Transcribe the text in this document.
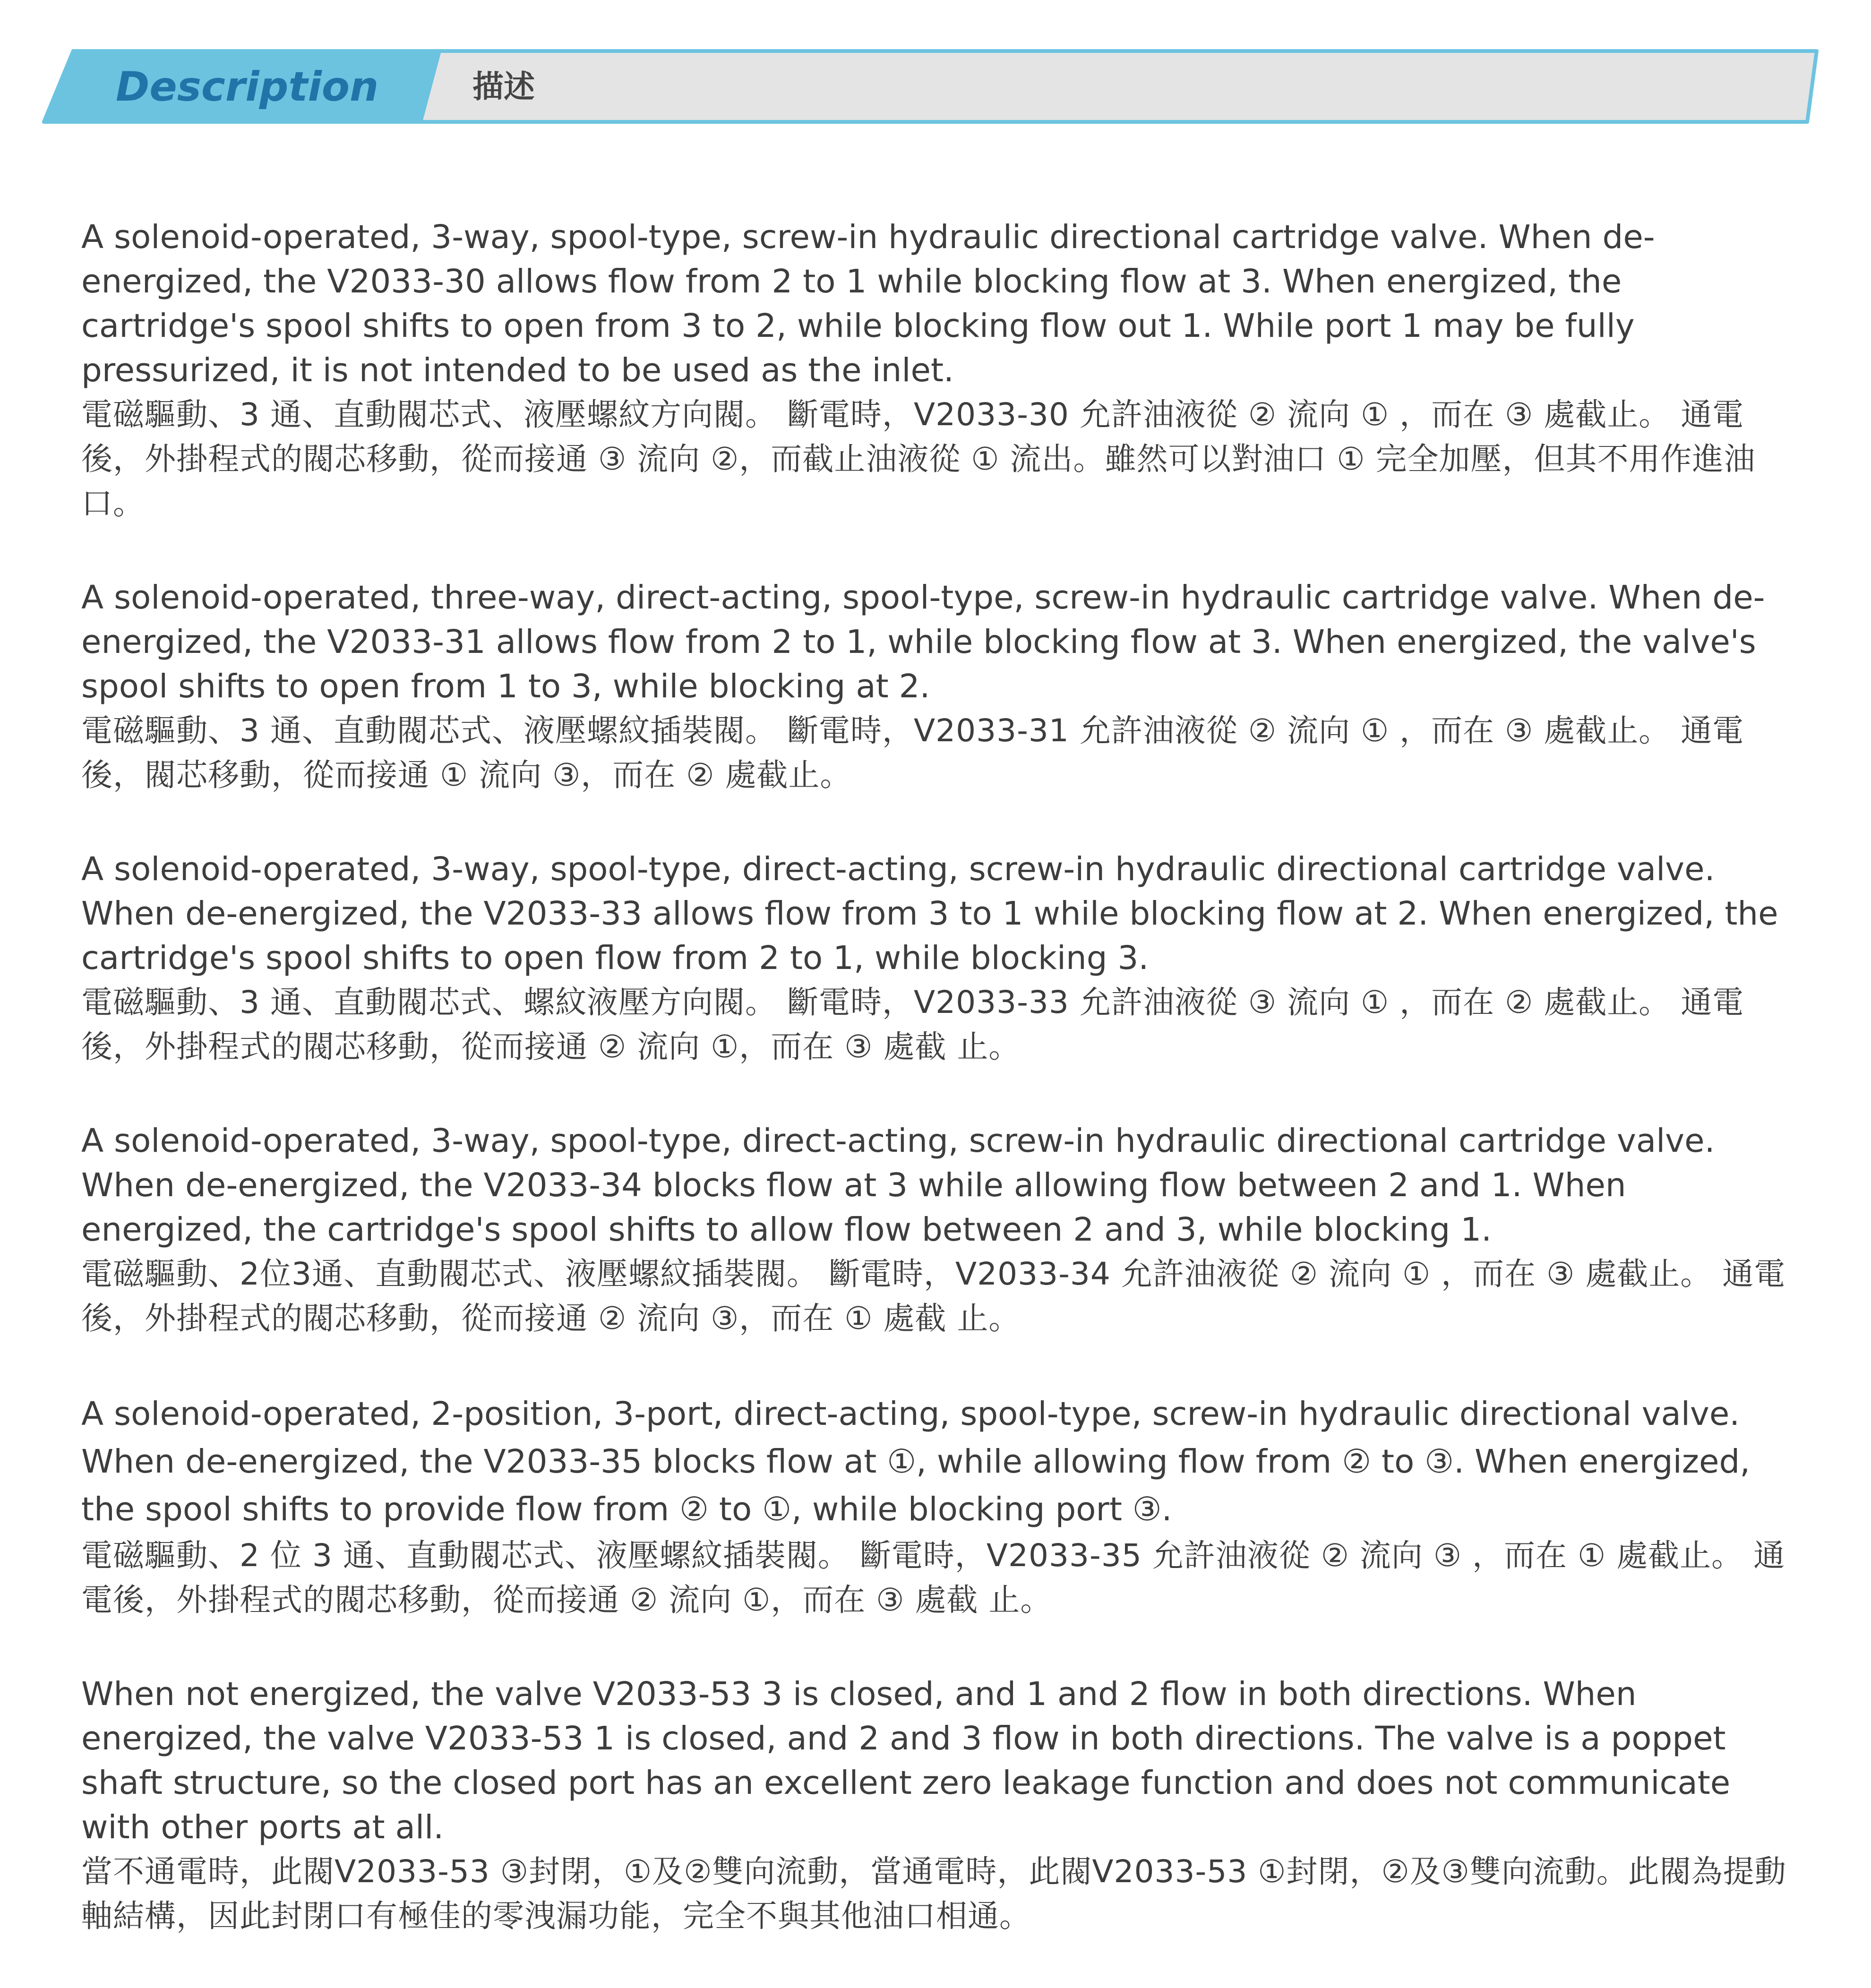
Description	描述

A solenoid-operated, 3-way, spool-type, screw-in hydraulic directional cartridge valve. When de-energized, the V2033-30 allows flow from 2 to 1 while blocking flow at 3. When energized, the cartridge's spool shifts to open from 3 to 2, while blocking flow out 1. While port 1 may be fully pressurized, it is not intended to be used as the inlet.

電磁驅動、3 通、直動閥芯式、液壓螺紋方向閥。 斷電時，V2033-30 允許油液從 ② 流向 ① ，而在 ③ 處截止。 通電後，外掛程式的閥芯移動，從而接通 ③ 流向 ②，而截止油液從 ① 流出。雖然可以對油口 ① 完全加壓，但其不用作進油口。

A solenoid-operated, three-way, direct-acting, spool-type, screw-in hydraulic cartridge valve. When de-energized, the V2033-31 allows flow from 2 to 1, while blocking flow at 3. When energized, the valve's spool shifts to open from 1 to 3, while blocking at 2.

電磁驅動、3 通、直動閥芯式、液壓螺紋插裝閥。 斷電時，V2033-31 允許油液從 ② 流向 ① ，而在 ③ 處截止。 通電後，閥芯移動，從而接通 ① 流向 ③，而在 ② 處截止。

A solenoid-operated, 3-way, spool-type, direct-acting, screw-in hydraulic directional cartridge valve. When de-energized, the V2033-33 allows flow from 3 to 1 while blocking flow at 2. When energized, the cartridge's spool shifts to open flow from 2 to 1, while blocking 3.

電磁驅動、3 通、直動閥芯式、螺紋液壓方向閥。 斷電時，V2033-33 允許油液從 ③ 流向 ① ，而在 ② 處截止。 通電後，外掛程式的閥芯移動，從而接通 ② 流向 ①，而在 ③ 處截 止。

A solenoid-operated, 3-way, spool-type, direct-acting, screw-in hydraulic directional cartridge valve. When de-energized, the V2033-34 blocks flow at 3 while allowing flow between 2 and 1. When energized, the cartridge's spool shifts to allow flow between 2 and 3, while blocking 1.

電磁驅動、2位3通、直動閥芯式、液壓螺紋插裝閥。 斷電時，V2033-34 允許油液從 ② 流向 ① ，而在 ③ 處截止。 通電後，外掛程式的閥芯移動，從而接通 ② 流向 ③，而在 ① 處截 止。

A solenoid-operated, 2-position, 3-port, direct-acting, spool-type, screw-in hydraulic directional valve. When de-energized, the V2033-35 blocks flow at ①, while allowing flow from ② to ③. When energized, the spool shifts to provide flow from ② to ①, while blocking port ③.

電磁驅動、2 位 3 通、直動閥芯式、液壓螺紋插裝閥。 斷電時，V2033-35 允許油液從 ② 流向 ③ ，而在 ① 處截止。 通電後，外掛程式的閥芯移動，從而接通 ② 流向 ①，而在 ③ 處截 止。

When not energized, the valve V2033-53 3 is closed, and 1 and 2 flow in both directions. When energized, the valve V2033-53 1 is closed, and 2 and 3 flow in both directions. The valve is a poppet shaft structure, so the closed port has an excellent zero leakage function and does not communicate with other ports at all.

當不通電時，此閥V2033-53 ③封閉，①及②雙向流動，當通電時，此閥V2033-53 ①封閉，②及③雙向流動。此閥為提動軸結構，因此封閉口有極佳的零洩漏功能，完全不與其他油口相通。
